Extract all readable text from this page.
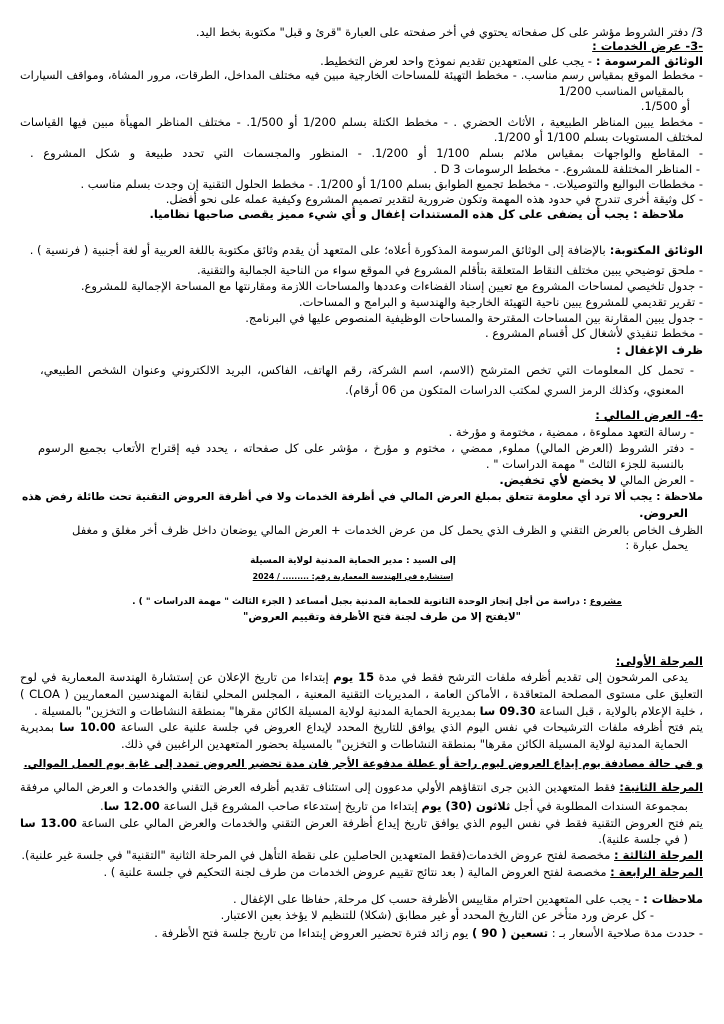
3/ دفتر الشروط مؤشر على كل صفحاته يحتوي في أخر صفحته على العبارة "قرئ و قبل" مكتوبة بخط اليد.
-3- عرض الخدمات :
الوثائق المرسومة : - يجب على المتعهدين تقديم نموذج واحد لعرض التخطيط.
- مخطط الموقع بمقياس رسم مناسب. - مخطط التهيئة للمساحات الخارجية مبين فيه مختلف المداخل، الطرقات، مرور المشاة، ومواقف السيارات
بالمقياس المناسب 1/200
أو 1/500.
- مخطط يبين المناظر الطبيعية ، الأثاث الحضري . - مخطط الكتلة بسلم 1/200 أو 1/500. - مختلف المناظر المهيأة مبين فيها القياسات
لمختلف المستويات بسلم 1/100 أو 1/200.
- المقاطع والواجهات بمقياس ملائم بسلم 1/100 أو 1/200. - المنظور والمجسمات التي تحدد طبيعة و شكل المشروع .
- المناظر المختلفة للمشروع. - مخطط الرسومات 3 D .
- مخططات البواليع والتوصيلات. - مخطط تجميع الطوابق بسلم 1/100 أو 1/200. - مخطط الحلول التقنية إن وجدت بسلم مناسب .
- كل وثيقة أخرى تندرج في حدود هذه المهمة وتكون ضرورية لتقدير تصميم المشروع وكيفية عمله على نحو أفضل.
ملاحظة : يجب أن يضفى على كل هذه المستندات إغفال و أي شيء مميز يقصى صاحبها نظاميا.
الوثائق المكتوبة: بالإضافة إلى الوثائق المرسومة المذكورة أعلاه؛ على المتعهد أن يقدم وثائق مكتوبة باللغة العربية أو لغة أجنبية ( فرنسية ) .
- ملحق توضيحي يبين مختلف النقاط المتعلقة بتأقلم المشروع في الموقع سواء من الناحية الجمالية والتقنية.
- جدول تلخيصي لمساحات المشروع مع تعيين إسناد الفضاءات وعددها والمساحات اللازمة ومقارنتها مع المساحة الإجمالية للمشروع.
- تقرير تقديمي للمشروع يبين ناحية التهيئة الخارجية والهندسية و البرامج و المساحات.
- جدول يبين المقارنة بين المساحات المقترحة والمساحات الوظيفية المنصوص عليها في البرنامج.
- مخطط تنفيذي لأشغال كل أقسام المشروع .
ظرف الإغفال :
- تحمل كل المعلومات التي تخص المترشح (الاسم، اسم الشركة، رقم الهاتف، الفاكس، البريد الالكتروني وعنوان الشخص الطبيعي،
المعنوي، وكذلك الرمز السري لمكتب الدراسات المتكون من 06 أرقام).
-4- العرض المالي :
- رسالة التعهد مملوءة ، ممضية ، مختومة و مؤرخة .
- دفتر الشروط (العرض المالي) مملوء, ممضي ، مختوم و مؤرخ ، مؤشر على كل صفحاته ، يحدد فيه إقتراح الأتعاب بجميع الرسوم
بالنسبة للجزء الثالث " مهمة الدراسات " .
- العرض المالي لا يخضع لأي تخفيض.
ملاحظة : يجب ألا ترد أي معلومة تتعلق بمبلغ العرض المالي في أظرفة الخدمات ولا في أظرفة العروض التقنية تحت طائلة رفض هذه
العروض.
الظرف الخاص بالعرض التقني و الظرف الذي يحمل كل من عرض الخدمات + العرض المالي يوضعان داخل ظرف أخر مغلق و مغفل
يحمل عبارة :
إلى السيد : مدير الحماية المدنية لولاية المسيلة
إستشارة في الهندسة المعمارية رقم: ......... / 2024
مشروع : دراسة من أجل إنجاز الوحدة الثانوية للحماية المدنية بجبل أمساعد ( الجزء الثالث " مهمة الدراسات " ) .
"لايفتح إلا من طرف لجنة فتح الأظرفة وتقييم العروض"
المرحلة الأولى:
يدعى المرشحون إلى تقديم أظرفه ملفات الترشح فقط في مدة 15 يوم إبتداءا من تاريخ الإعلان عن إستشارة الهندسة المعمارية في لوح
التعليق على مستوى المصلحة المتعاقدة ، الأماكن العامة ، المديريات التقنية المعنية ، المجلس المحلي لنقابة المهندسين المعماريين ( CLOA )
، خلية الإعلام بالولاية ، قبل الساعة 09.30 سا بمديرية الحماية المدنية لولاية المسيلة الكائن مقرها" بمنطقة النشاطات و التخزين" بالمسيلة .
يتم فتح أظرفه ملفات الترشيحات في نفس اليوم الذي يوافق للتاريخ المحدد لإيداع العروض في جلسة علنية على الساعة 10.00 سا بمديرية
الحماية المدنية لولاية المسيلة الكائن مقرها" بمنطقة النشاطات و التخزين" بالمسيلة بحضور المتعهدين الراغبين في ذلك.
و في حالة مصادفة يوم إيداع العروض ليوم راحة أو عطلة مدفوعة الأجر فان مدة تحضير العروض تمدد إلى غاية يوم العمل الموالي.
المرحلة الثانية: فقط المتعهدين الذين جرى انتقاؤهم الأولي مدعوون إلى استئناف تقديم أظرفه العرض التقني والخدمات و العرض المالي مرفقة
بمجموعة السندات المطلوبة في أجل ثلاثون (30) يوم إبتداءا من تاريخ إستدعاء صاحب المشروع قبل الساعة 12.00 سا.
يتم فتح العروض التقنية فقط في نفس اليوم الذي يوافق تاريخ إيداع أظرفة العرض التقني والخدمات والعرض المالي على الساعة 13.00 سا
( في جلسة علنية).
المرحلة الثالثة : مخصصة لفتح عروض الخدمات(فقط المتعهدين الحاصلين على نقطة التأهل في المرحلة الثانية "التقنية" في جلسة غير علنية).
المرحلة الرابعة : مخصصة لفتح العروض المالية ( بعد نتائج تقييم عروض الخدمات من طرف لجنة التحكيم في جلسة علنية ) .
ملاحظات : - يجب على المتعهدين احترام مقاييس الأظرفة حسب كل مرحلة, حفاظا على الإغفال .
- كل عرض ورد متأخر عن التاريخ المحدد أو غير مطابق (شكلا) للتنظيم لا يؤخذ بعين الاعتبار.
- حددت مدة صلاحية الأسعار بـ : تسعين ( 90 ) يوم زائد فترة تحضير العروض إبتداءا من تاريخ جلسة فتح الأظرفة .
